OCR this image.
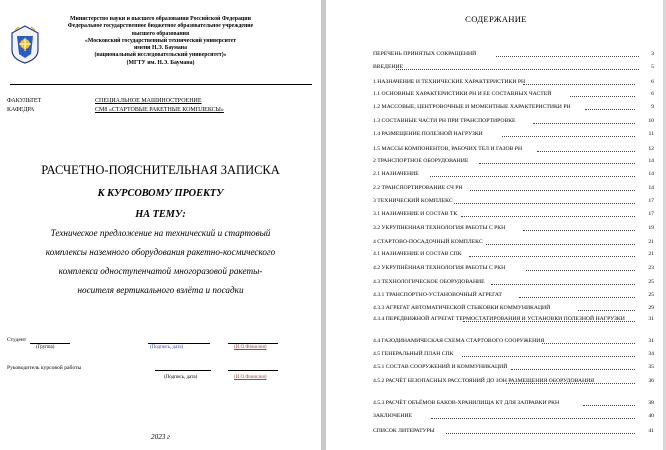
Министерство науки и высшего образования Российской Федерации
Федеральное государственное бюджетное образовательное учреждение
высшего образования
«Московский государственный технический университет
имени Н.Э. Баумана
(национальный исследовательский университет)»
(МГТУ им. Н.Э. Баумана)
ФАКУЛЬТЕТ	СПЕЦИАЛЬНОЕ МАШИНОСТРОЕНИЕ
КАФЕДРА	СМ8 «СТАРТОВЫЕ РАКЕТНЫЕ КОМПЛЕКСЫ»
РАСЧЕТНО-ПОЯСНИТЕЛЬНАЯ ЗАПИСКА
К КУРСОВОМУ ПРОЕКТУ
НА ТЕМУ:
Техническое предложение на технический и стартовый
комплексы наземного оборудования ракетно-космического
комплекса одноступенчатой многоразовой ракеты-
носителя вертикального взлёта и посадки
Студент
(Группа)	(Подпись, дата)	(И.О.Фамилия)
Руководитель курсовой работы
(Подпись, дата)	(И.О.Фамилия)
2023 г
СОДЕРЖАНИЕ
ПЕРЕЧЕНЬ ПРИНЯТЫХ СОКРАЩЕНИЙ	3
ВВЕДЕНИЕ	5
1 НАЗНАЧЕНИЕ И ТЕХНИЧЕСКИЕ ХАРАКТЕРИСТИКИ РН	6
1.1 ОСНОВНЫЕ ХАРАКТЕРИСТИКИ РН И ЕЕ СОСТАВНЫХ ЧАСТЕЙ	6
1.2 МАССОВЫЕ, ЦЕНТРОВОЧНЫЕ И МОМЕНТНЫЕ ХАРАКТЕРИСТИКИ РН	9
1.3 СОСТАВНЫЕ ЧАСТИ РН ПРИ ТРАНСПОРТИРОВКЕ	10
1.4 РАЗМЕЩЕНИЕ ПОЛЕЗНОЙ НАГРУЗКИ	11
1.5 МАССЫ КОМПОНЕНТОВ, РАБОЧИХ ТЕЛ И ГАЗОВ РН	12
2 ТРАНСПОРТНОЕ ОБОРУДОВАНИЕ	14
2.1 НАЗНАЧЕНИЕ	14
2.2 ТРАНСПОРТИРОВАНИЕ СЧ РН	14
3 ТЕХНИЧЕСКИЙ КОМПЛЕКС	17
3.1 НАЗНАЧЕНИЕ И СОСТАВ ТК	17
3.2 УКРУПНЕННАЯ ТЕХНОЛОГИЯ РАБОТЫ С РКН	19
4 СТАРТОВО-ПОСАДОЧНЫЙ КОМПЛЕКС	21
4.1 НАЗНАЧЕНИЕ И СОСТАВ СПК	21
4.2 УКРУПНЁННАЯ ТЕХНОЛОГИЯ РАБОТЫ С РКН	23
4.3 ТЕХНОЛОГИЧЕСКОЕ ОБОРУДОВАНИЕ	25
4.3.1 ТРАНСПОРТНО-УСТАНОВОЧНЫЙ АГРЕГАТ	25
4.3.3 АГРЕГАТ АВТОМАТИЧЕСКОЙ СТЫКОВКИ КОММУНИКАЦИЙ	29
4.3.4 ПЕРЕДВИЖНОЙ АГРЕГАТ ТЕРМОСТАТИРОВАНИЯ И УСТАНОВКИ ПОЛЕЗНОЙ НАГРУЗКИ	31
4.4 ГАЗОДИНАМИЧЕСКАЯ СХЕМА СТАРТОВОГО СООРУЖЕНИЯ	31
4.5 ГЕНЕРАЛЬНЫЙ ПЛАН СПК	34
4.5.1 СОСТАВ СООРУЖЕНИЙ И КОММУНИКАЦИЙ	35
4.5.2 РАСЧЁТ БЕЗОПАСНЫХ РАССТОЯНИЙ ДО ЗОН РАЗМЕЩЕНИЯ ОБОРУДОВАНИЯ	36
4.5.3 РАСЧЁТ ОБЪЁМОВ БАКОВ-ХРАНИЛИЩА КТ ДЛЯ ЗАПРАВКИ РКН	38
ЗАКЛЮЧЕНИЕ	40
СПИСОК ЛИТЕРАТУРЫ	41
